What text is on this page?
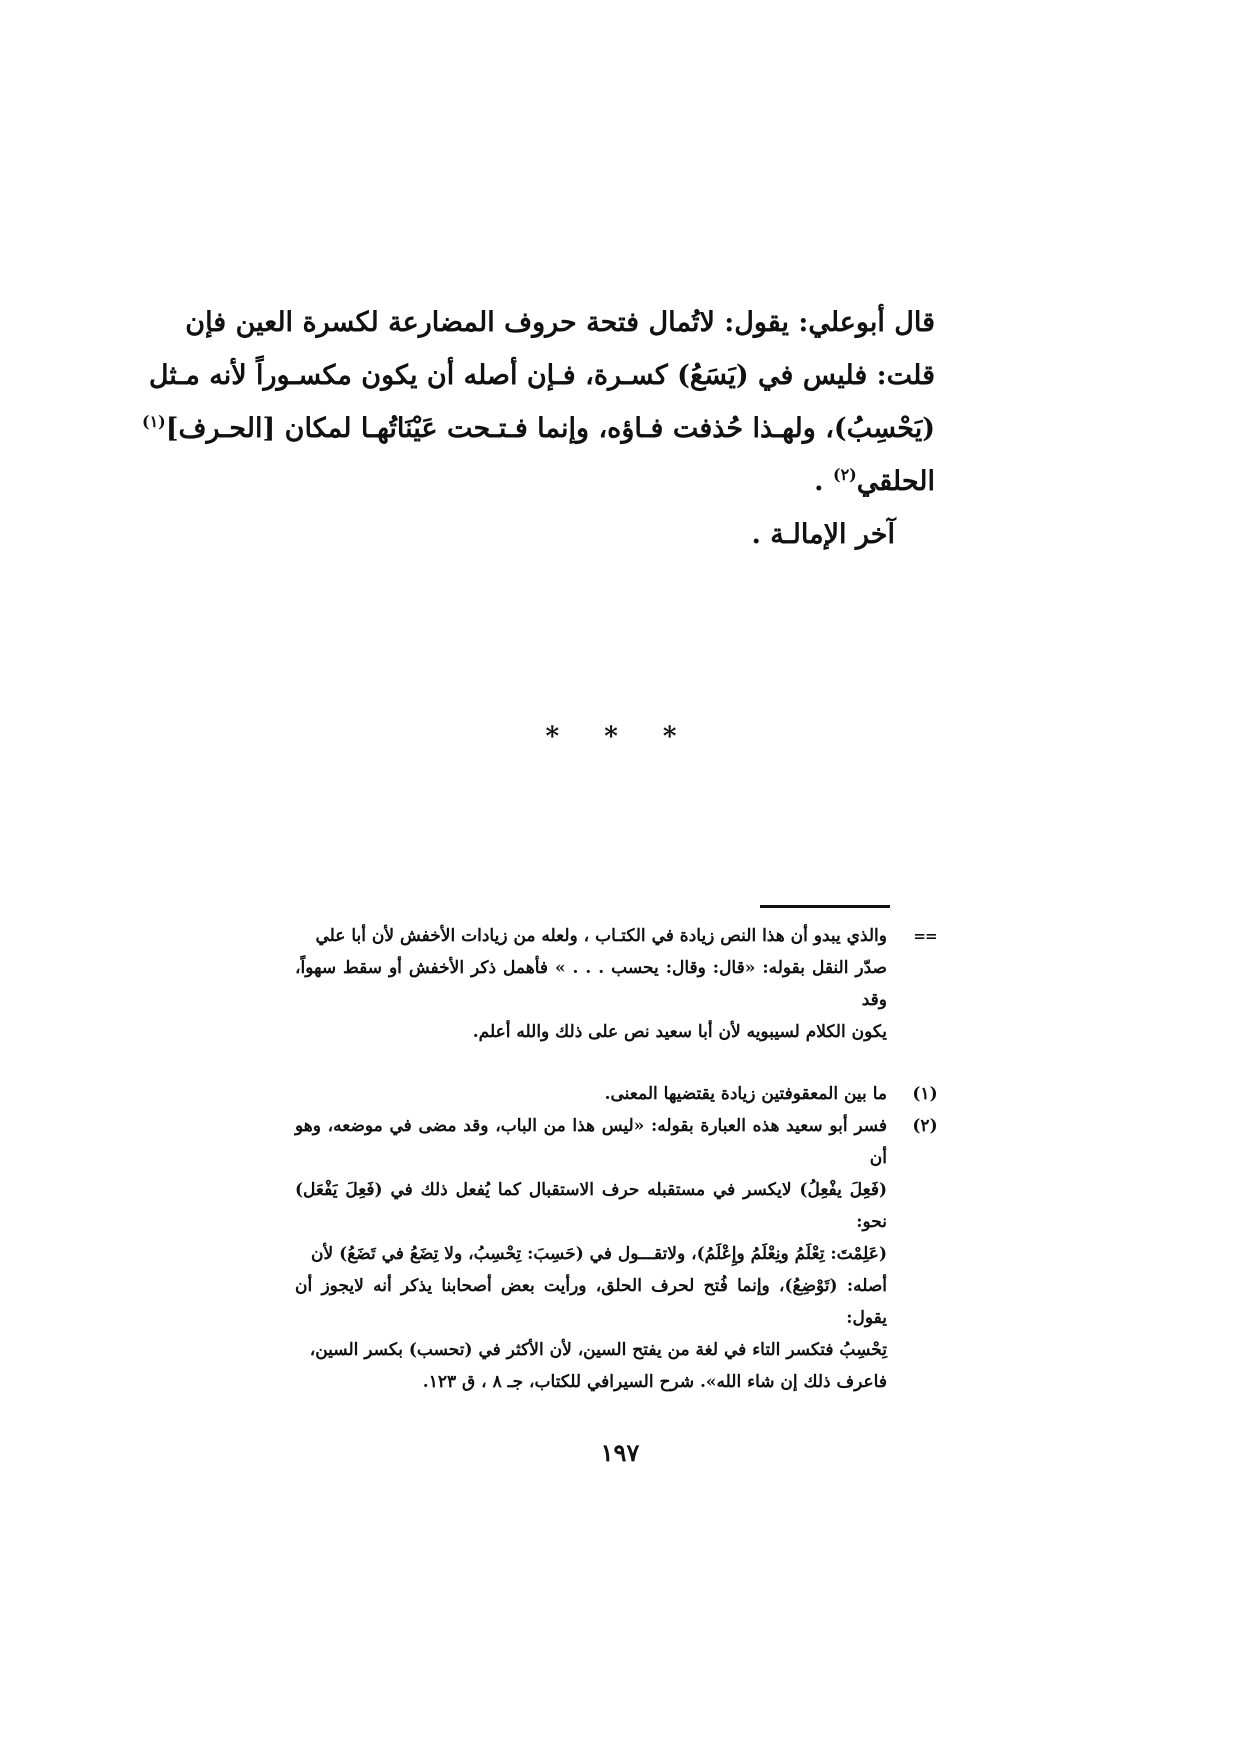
قال أبوعلي: يقول: لاتُمال فتحة حروف المضارعة لكسرة العين فإن
قلت: فليس في (يَسَعُ) كسـرة، فـإن أصله أن يكون مكسـوراً لأنه مـثل
(يَحْسِبُ)، ولهـذا حُذفت فـاؤه، وإنما فـتـحت عَيْنَاتُهـا لمكان [الحـرف]$^{(١)}$
الحلقي$^{(٢)}$ .
آخر الإمالـة .

* * *
==
والذي يبدو أن هذا النص زيادة في الكتـاب ، ولعله من زيادات الأخفش لأن أبا علي
صدّر النقل بقوله: «قال: وقال: يحسب . . . » فأهمل ذكر الأخفش أو سقط سهواً، وقد
يكون الكلام لسيبويه لأن أبا سعيد نص على ذلك والله أعلم.
(١)
ما بين المعقوفتين زيادة يقتضيها المعنى.
(٢)
فسر أبو سعيد هذه العبارة بقوله: «ليس هذا من الباب، وقد مضى في موضعه، وهو أن
(فَعِلَ يفْعِلُ) لايكسر في مستقبله حرف الاستقبال كما يُفعل ذلك في (فَعِلَ يَفْعَل) نحو:
(عَلِمْتَ: تِعْلَمُ ونِعْلَمُ وإِعْلَمُ)، ولاتقـــول في (حَسِبَ: تِحْسِبُ، ولا تِضَعُ في تَضَعُ) لأن
أصله: (تَوْضِعُ)، وإنما فُتح لحرف الحلق، ورأيت بعض أصحابنا يذكر أنه لايجوز أن يقول:
تِحْسِبُ فتكسر التاء في لغة من يفتح السين، لأن الأكثر في (تحسب) بكسر السين،
فاعرف ذلك إن شاء الله». شرح السيرافي للكتاب، جـ ٨ ، ق ١٢٣.
١٩٧
